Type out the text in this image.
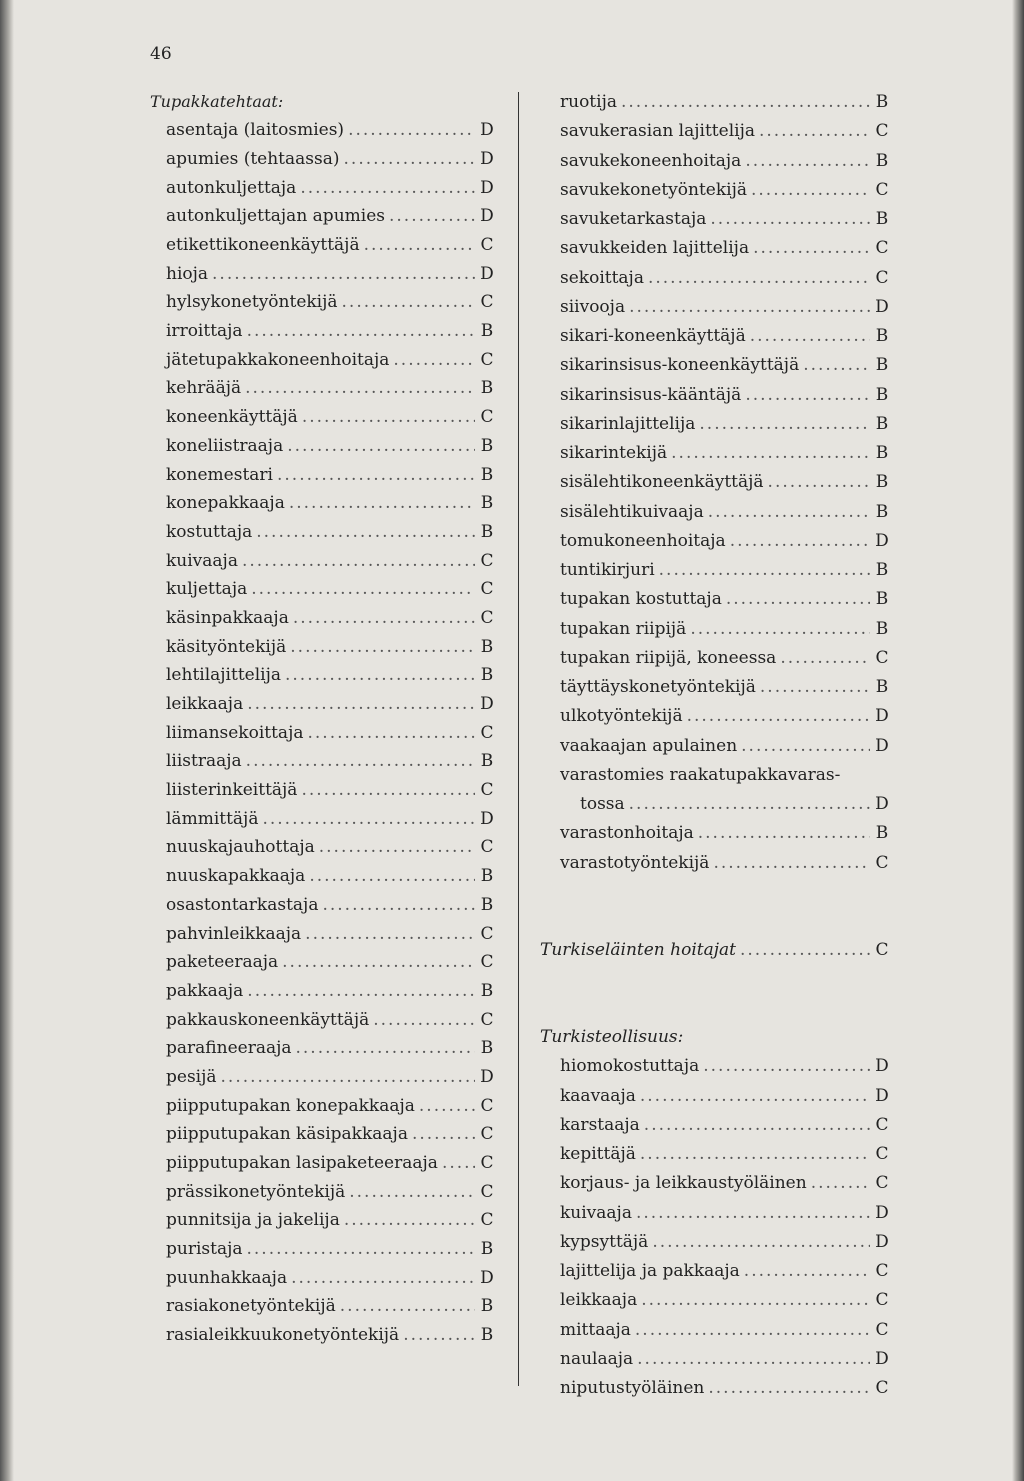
46
Tupakkatehtaat:
asentaja (laitosmies) .....	D
apumies (tehtaassa) .....	D
autonkuljettaja .....	D
autonkuljettajan apumies .....	D
etikettikoneenkäyttäjä .....	C
hioja .....	D
hylsykonetyöntekijä .....	C
irroittaja .....	B
jätetupakkakoneenhoitaja .....	C
kehrääjä .....	B
koneenkäyttäjä .....	C
koneliistraaja .....	B
konemestari .....	B
konepakkaaja .....	B
kostuttaja .....	B
kuivaaja .....	C
kuljettaja .....	C
käsinpakkaaja .....	C
käsityöntekijä .....	B
lehtilajittelija .....	B
leikkaaja .....	D
liimansekoittaja .....	C
liistraaja .....	B
liisterinkeittäjä .....	C
lämmittäjä .....	D
nuuskajauhottaja .....	C
nuuskapakkaaja .....	B
osastontarkastaja .....	B
pahvinleikkaaja .....	C
paketeeraaja .....	C
pakkaaja .....	B
pakkauskoneenkäyttäjä .....	C
parafineeraaja .....	B
pesijä .....	D
piipputupakan konepakkaaja .....	C
piipputupakan käsipakkaaja .....	C
piipputupakan lasipaketeeraaja .....	C
prässikonetyöntekijä .....	C
punnitsija ja jakelija .....	C
puristaja .....	B
puunhakkaaja .....	D
rasiakonetyöntekijä .....	B
rasialeikkuukonetyöntekijä .....	B
ruotija .....	B
savukerasian lajittelija .....	C
savukekoneenhoitaja .....	B
savukekonetyöntekijä .....	C
savuketarkastaja .....	B
savukkeiden lajittelija .....	C
sekoittaja .....	C
siivooja .....	D
sikari-koneenkäyttäjä .....	B
sikarinsisus-koneenkäyttäjä .....	B
sikarinsisus-kääntäjä .....	B
sikarinlajittelija .....	B
sikarintekijä .....	B
sisälehtikoneenkäyttäjä .....	B
sisälehtikuivaaja .....	B
tomukoneenhoitaja .....	D
tuntikirjuri .....	B
tupakan kostuttaja .....	B
tupakan riipijä .....	B
tupakan riipijä, koneessa .....	C
täyttäyskonetyöntekijä .....	B
ulkotyöntekijä .....	D
vaakaajan apulainen .....	D
varastomies raakatupakkavaras-
tossa .....	D
varastonhoitaja .....	B
varastotyöntekijä .....	C
Turkiseläinten hoitajat .....	C
Turkisteollisuus:
hiomokostuttaja .....	D
kaavaaja .....	D
karstaaja .....	C
kepittäjä .....	C
korjaus- ja leikkaustyöläinen .....	C
kuivaaja .....	D
kypsyttäjä .....	D
lajittelija ja pakkaaja .....	C
leikkaaja .....	C
mittaaja .....	C
naulaaja .....	D
niputustyöläinen .....	C
